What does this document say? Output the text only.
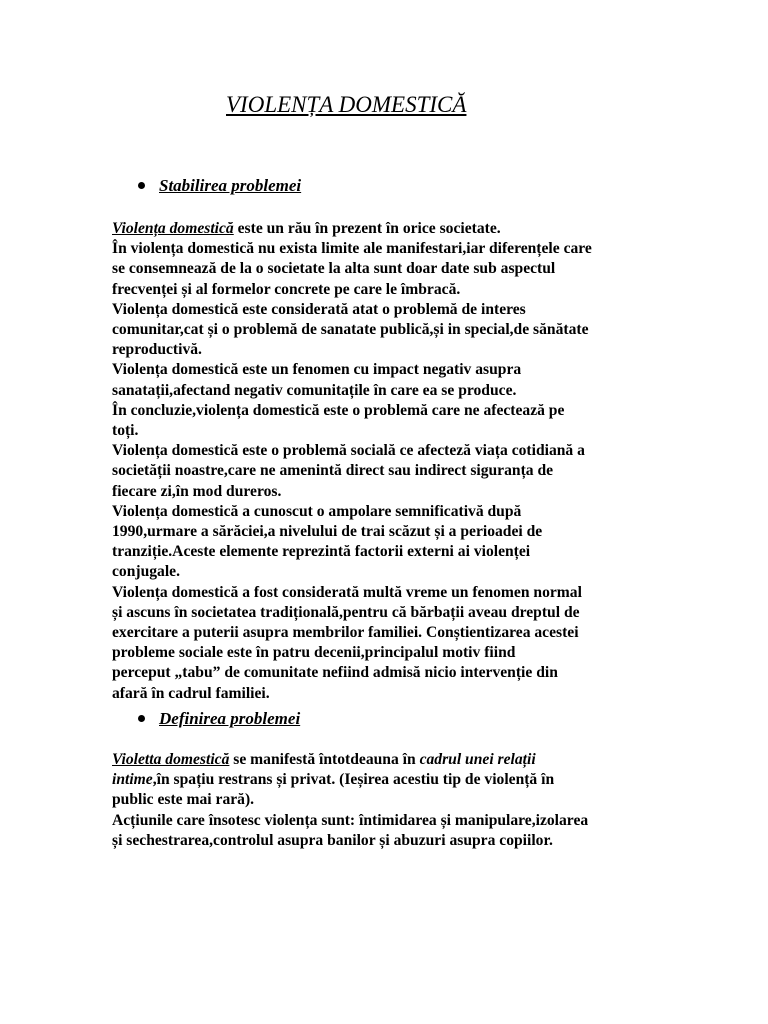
VIOLENȚA DOMESTICĂ
Stabilirea problemei
Violența domestică este un rău în prezent în orice societate.
În violența domestică nu exista limite ale manifestari,iar diferențele care
se consemnează de la o societate la alta sunt doar date sub aspectul
frecvenței și al formelor concrete pe care le îmbracă.
Violența domestică este considerată atat o problemă de interes
comunitar,cat și o problemă de sanatate publică,și in special,de sănătate
reproductivă.
Violența domestică este un fenomen cu impact negativ asupra
sanatații,afectand negativ comunitațile în care ea se produce.
În concluzie,violența domestică este o problemă care ne afectează pe
toți.
Violența domestică este o problemă socială ce afecteză viața cotidiană a
societății noastre,care ne amenintă direct sau indirect siguranța de
fiecare zi,în mod dureros.
Violența domestică a cunoscut o ampolare semnificativă după
1990,urmare a sărăciei,a nivelului de trai scăzut și a perioadei de
tranziție.Aceste elemente reprezintă factorii externi ai violenței
conjugale.
Violența domestică a fost considerată multă vreme un fenomen normal
și ascuns în societatea tradițională,pentru că bărbații aveau dreptul de
exercitare a puterii asupra membrilor familiei. Conștientizarea acestei
probleme sociale este în patru decenii,principalul motiv fiind
perceput „tabu” de comunitate nefiind admisă nicio intervenție din
afară în cadrul familiei.
Definirea problemei
Violetta domestică se manifestă întotdeauna în cadrul unei relații
intime,în spațiu restrans și privat. (Ieșirea acestiu tip de violență în
public este mai rară).
Acțiunile care însotesc violența sunt: întimidarea și manipulare,izolarea
și sechestrarea,controlul asupra banilor și abuzuri asupra copiilor.
